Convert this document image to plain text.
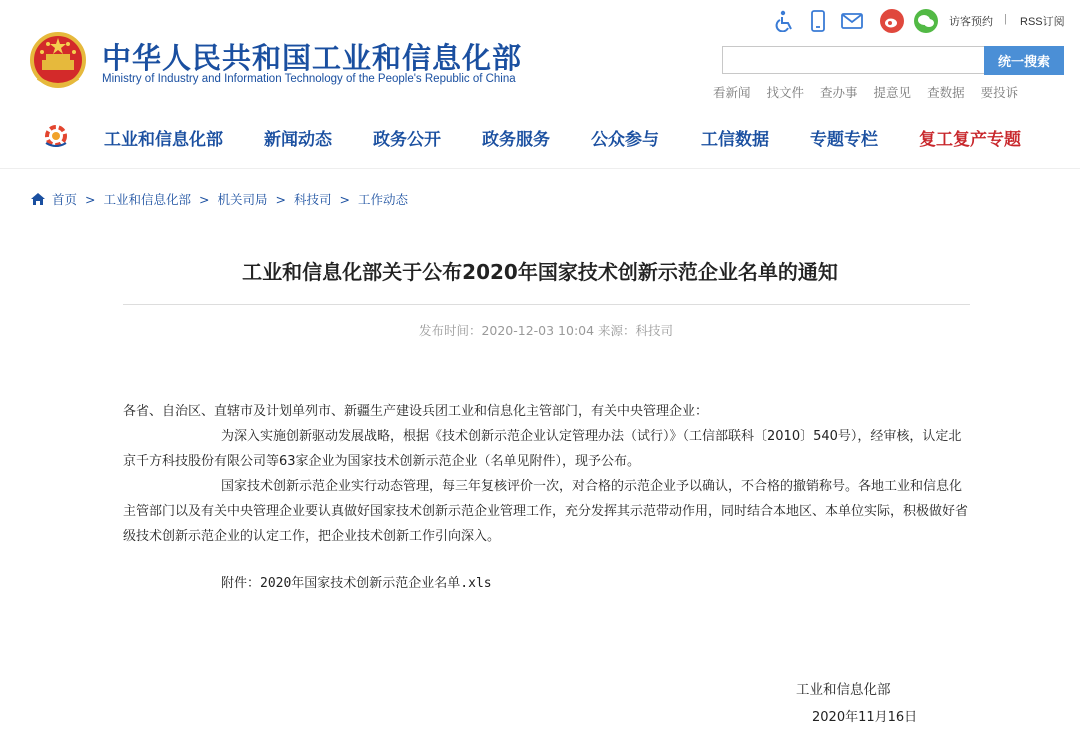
中华人民共和国工业和信息化部
Ministry of Industry and Information Technology of the People's Republic of China
访客预约 | RSS订阅
统一搜索
看新闻 找文件 查办事 提意见 查数据 要投诉
工业和信息化部 新闻动态 政务公开 政务服务 公众参与 工信数据 专题专栏 复工复产专题
首页 > 工业和信息化部 > 机关司局 > 科技司 > 工作动态
工业和信息化部关于公布2020年国家技术创新示范企业名单的通知
发布时间：2020-12-03 10:04 来源：科技司
各省、自治区、直辖市及计划单列市、新疆生产建设兵团工业和信息化主管部门，有关中央管理企业：
为深入实施创新驱动发展战略，根据《技术创新示范企业认定管理办法（试行）》（工信部联科〔2010〕540号），经审核，认定北京千方科技股份有限公司等63家企业为国家技术创新示范企业（名单见附件），现予公布。
国家技术创新示范企业实行动态管理，每三年复核评价一次，对合格的示范企业予以确认，不合格的撤销称号。各地工业和信息化主管部门以及有关中央管理企业要认真做好国家技术创新示范企业管理工作，充分发挥其示范带动作用，同时结合本地区、本单位实际，积极做好省级技术创新示范企业的认定工作，把企业技术创新工作引向深入。
附件：2020年国家技术创新示范企业名单.xls
工业和信息化部
2020年11月16日
